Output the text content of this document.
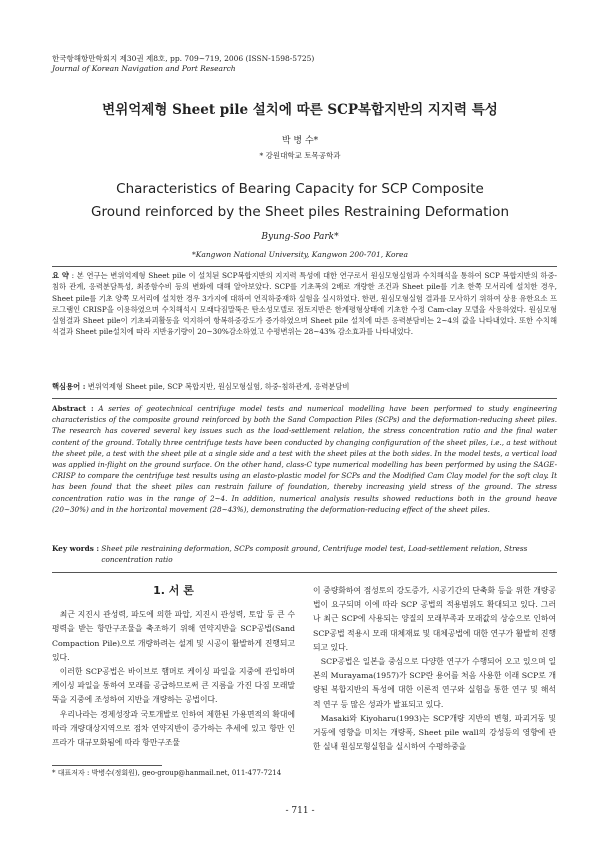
한국항해항만학회지 제30권 제8호, pp. 709~719, 2006 (ISSN-1598-5725)
Journal of Korean Navigation and Port Research
변위억제형 Sheet pile 설치에 따른 SCP복합지반의 지지력 특성
박 병 수*
* 강원대학교 토목공학과
Characteristics of Bearing Capacity for SCP Composite
Ground reinforced by the Sheet piles Restraining Deformation
Byung-Soo Park*
*Kangwon National University, Kangwon 200-701, Korea
요 약 : 본 연구는 변위억제형 Sheet pile 이 설치된 SCP복합지반의 지지력 특성에 대한 연구로서 원심모형실험과 수치해석을 통하여 SCP 복합지반의 하중-침하 관계, 응력분담특성, 최종함수비 등의 변화에 대해 알아보았다. SCP를 기초폭의 2배로 개량한 조건과 Sheet pile를 기초 한쪽 모서리에 설치한 경우, Sheet pile를 기초 양쪽 모서리에 설치한 경우 3가지에 대하여 연직하중재하 실험을 실시하였다. 한편, 원심모형실험 결과를 모사하기 위하여 상용 유한요소 프로그램인 CRISP을 이용하였으며 수치해석시 모래다짐말뚝은 탄소성모델로 점토지반은 한계평형상태에 기초한 수정 Cam-clay 모델을 사용하였다. 원심모형실험결과 Sheet pile이 기초파괴활동을 억지하여 항복하중강도가 증가하였으며 Sheet pile 설치에 따른 응력분담비는 2~4의 값을 나타내었다. 또한 수치해석결과 Sheet pile설치에 따라 지반융기량이 20~30%감소하였고 수평변위는 28~43% 감소효과를 나타내었다.
핵심용어 : 변위억제형 Sheet pile, SCP 복합지반, 원심모형실험, 하중-침하관계, 응력분담비
Abstract : A series of geotechnical centrifuge model tests and numerical modelling have been performed to study engineering characteristics of the composite ground reinforced by both the Sand Compaction Piles (SCPs) and the deformation-reducing sheet piles. The research has covered several key issues such as the load-settlement relation, the stress concentration ratio and the final water content of the ground. Totally three centrifuge tests have been conducted by changing configuration of the sheet piles, i.e., a test without the sheet pile, a test with the sheet pile at a single side and a test with the sheet piles at the both sides. In the model tests, a vertical load was applied in-flight on the ground surface. On the other hand, class-C type numerical modelling has been performed by using the SAGE-CRISP to compare the centrifuge test results using an elasto-plastic model for SCPs and the Modified Cam Clay model for the soft clay. It has been found that the sheet piles can restrain failure of foundation, thereby increasing yield stress of the ground. The stress concentration ratio was in the range of 2~4. In addition, numerical analysis results showed reductions both in the ground heave (20~30%) and in the horizontal movement (28~43%), demonstrating the deformation-reducing effect of the sheet piles.
Key words : Sheet pile restraining deformation, SCPs composit ground, Centrifuge model test, Load-settlement relation, Stress concentration ratio
1. 서 론

최근 지진시 관성력, 파도에 의한 파압, 지진시 관성력, 토압 등 큰 수평력을 받는 항만구조물을 축조하기 위해 연약지반을 SCP공법(Sand Compaction Pile)으로 개량하려는 설계 및 시공이 활발하게 진행되고 있다.

이러한 SCP공법은 바이브로 햄머로 케이싱 파일을 지중에 관입하며 케이싱 파일을 통하여 모래를 공급하므로써 큰 지름을 가진 다짐 모래말뚝을 지중에 조성하여 지반을 개량하는 공법이다.

우리나라는 경제성장과 국토개발로 인하여 제한된 가용면적의 확대에 따라 개량대상지역으로 점차 연약지반이 증가하는 추세에 있고 항만 인프라가 대규모화됨에 따라 항만구조물

이 중량화하여 점성토의 강도증가, 시공기간의 단축화 등을 위한 개량공법이 요구되며 이에 따라 SCP 공법의 적용범위도 확대되고 있다. 그러나 최근 SCP에 사용되는 양질의 모래부족과 모래값의 상승으로 인하여 SCP공법 적용시 모래 대체재료 및 대체공법에 대한 연구가 활발히 진행되고 있다.

SCP공법은 일본을 중심으로 다양한 연구가 수행되어 오고 있으며 일본의 Murayama(1957)가 SCP란 용어를 처음 사용한 이래 SCP로 개량된 복합지반의 특성에 대한 이론적 연구와 실험을 통한 연구 및 해석적 연구 등 많은 성과가 발표되고 있다.

Masaki와 Kiyoharu(1993)는 SCP개량 지반의 변형, 파괴거동 및 거동에 영향을 미치는 개량폭, Sheet pile wall의 강성등의 영향에 관한 실내 원심모형실험을 실시하여 수평하중을

* 대표저자 : 박병수(정회원), geo-group@hanmail.net, 011-477-7214
- 711 -
